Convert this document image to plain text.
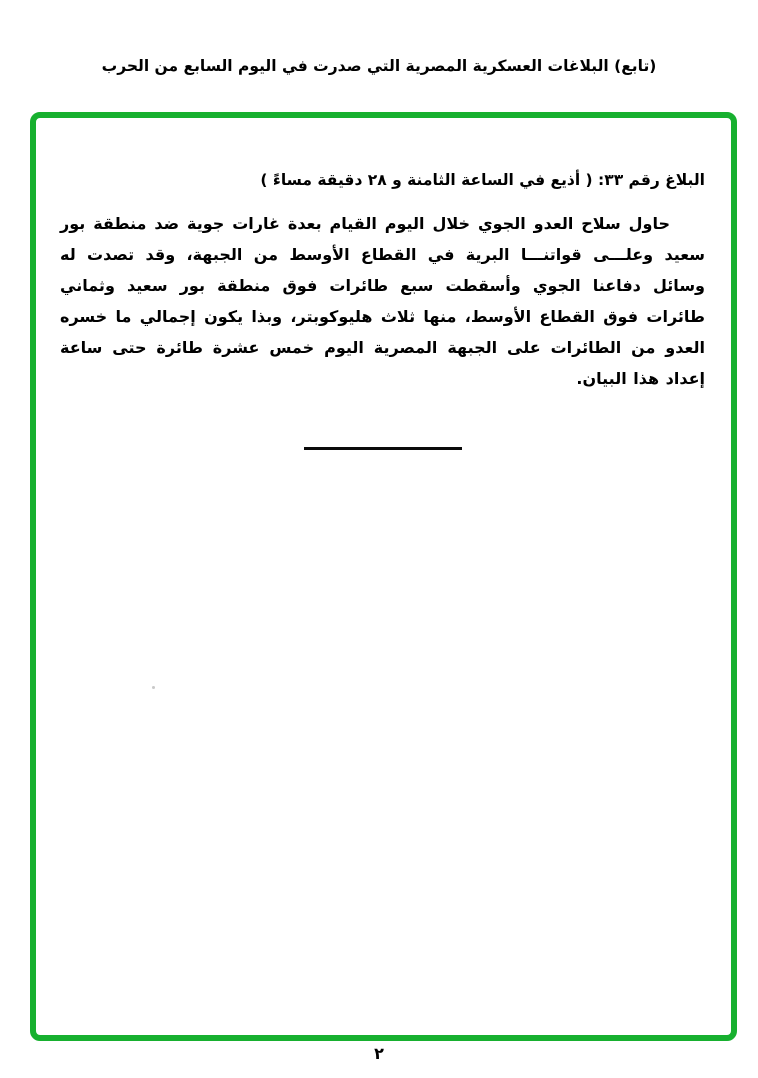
(تابع) البلاغات العسكرية المصرية التي صدرت في اليوم السابع من الحرب
البلاغ رقم ٣٣: ( أذيع في الساعة الثامنة و ٢٨ دقيقة مساءً )

حاول سلاح العدو الجوي خلال اليوم القيام بعدة غارات جوية ضد منطقة بور سعيد وعلـــى قواتنـــا البرية في القطاع الأوسط من الجبهة، وقد تصدت له وسائل دفاعنا الجوي وأسقطت سبع طائرات فوق منطقة بور سعيد وثماني طائرات فوق القطاع الأوسط، منها ثلاث هليوكوبتر، وبذا يكون إجمالي ما خسره العدو من الطائرات على الجبهة المصرية اليوم خمس عشرة طائرة حتى ساعة إعداد هذا البيان.

٢
